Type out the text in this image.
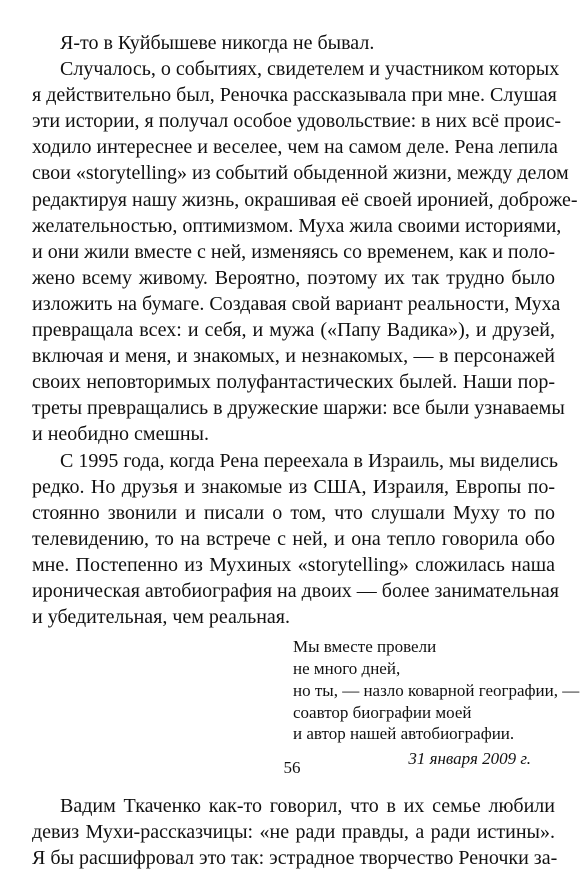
Я-то в Куйбышеве никогда не бывал.
Случалось, о событиях, свидетелем и участником которых
я действительно был, Реночка рассказывала при мне. Слушая
эти истории, я получал особое удовольствие: в них всё проис-
ходило интереснее и веселее, чем на самом деле. Рена лепила
свои «storytelling» из событий обыденной жизни, между делом
редактируя нашу жизнь, окрашивая её своей иронией, доброже-
желательностью, оптимизмом. Муха жила своими историями,
и они жили вместе с ней, изменяясь со временем, как и поло-
жено всему живому. Вероятно, поэтому их так трудно было
изложить на бумаге. Создавая свой вариант реальности, Муха
превращала всех: и себя, и мужа («Папу Вадика»), и друзей,
включая и меня, и знакомых, и незнакомых, — в персонажей
своих неповторимых полуфантастических былей. Наши пор-
треты превращались в дружеские шаржи: все были узнаваемы
и необидно смешны.
С 1995 года, когда Рена переехала в Израиль, мы виделись
редко. Но друзья и знакомые из США, Израиля, Европы по-
стоянно звонили и писали о том, что слушали Муху то по
телевидению, то на встрече с ней, и она тепло говорила обо
мне. Постепенно из Мухиных «storytelling» сложилась наша
ироническая автобиография на двоих — более занимательная
и убедительная, чем реальная.
Мы вместе провели
не много дней,
но ты, — назло коварной географии, —
соавтор биографии моей
и автор нашей автобиографии.
31 января 2009 г.
Вадим Ткаченко как-то говорил, что в их семье любили
девиз Мухи-рассказчицы: «не ради правды, а ради истины».
Я бы расшифровал это так: эстрадное творчество Реночки за-
56
